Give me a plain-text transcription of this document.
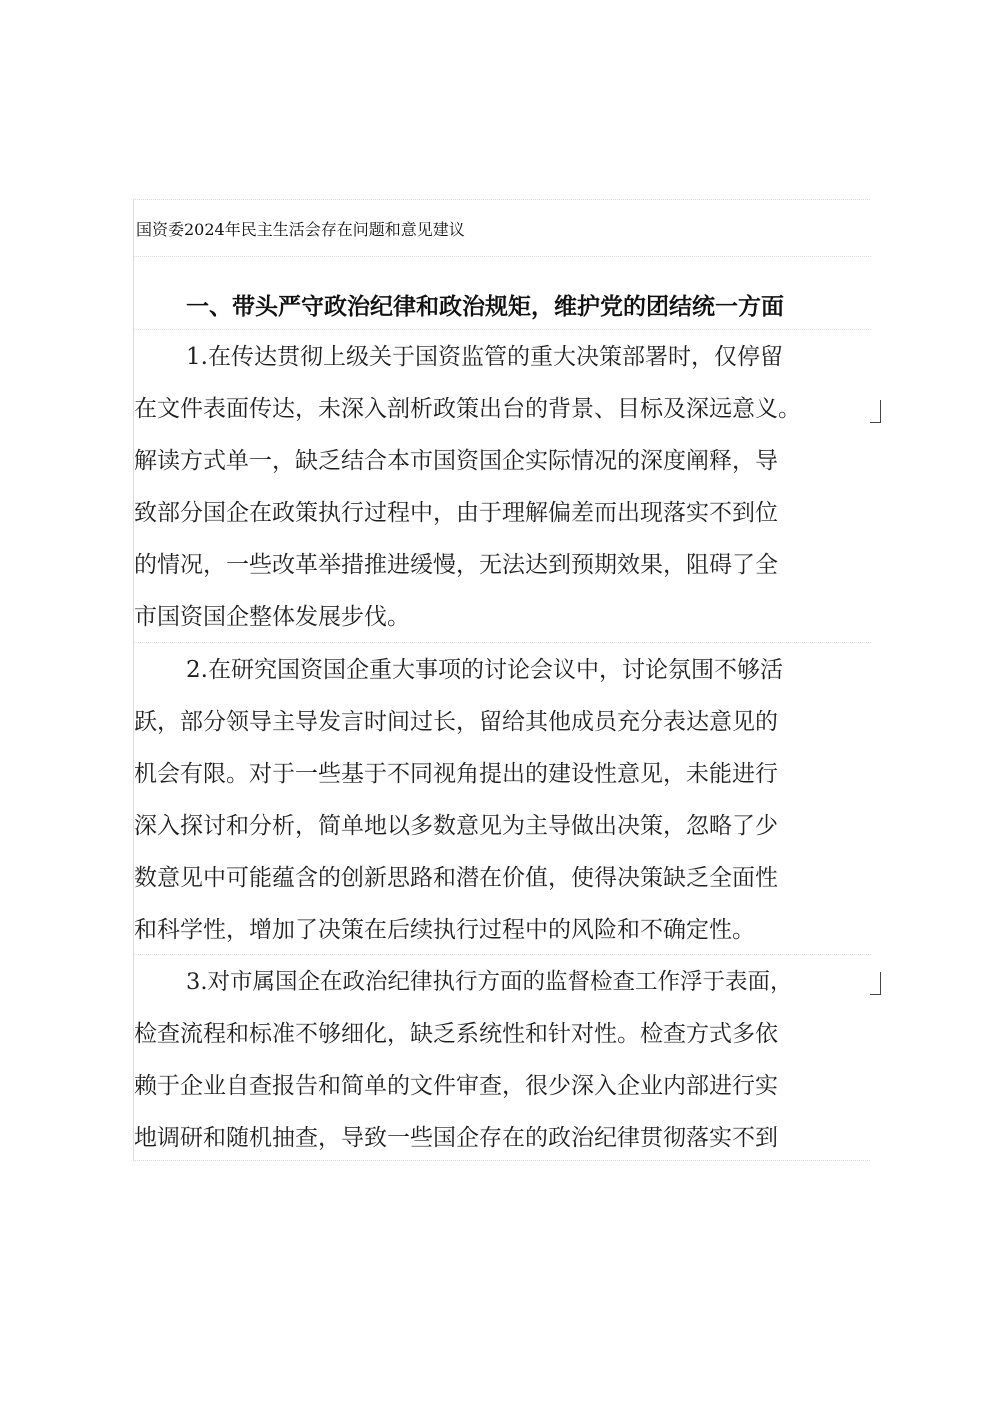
国资委2024年民主生活会存在问题和意见建议
一、带头严守政治纪律和政治规矩，维护党的团结统一方面
1.在传达贯彻上级关于国资监管的重大决策部署时，仅停留
在文件表面传达，未深入剖析政策出台的背景、目标及深远意义。
解读方式单一，缺乏结合本市国资国企实际情况的深度阐释，导
致部分国企在政策执行过程中，由于理解偏差而出现落实不到位
的情况，一些改革举措推进缓慢，无法达到预期效果，阻碍了全
市国资国企整体发展步伐。
2.在研究国资国企重大事项的讨论会议中，讨论氛围不够活
跃，部分领导主导发言时间过长，留给其他成员充分表达意见的
机会有限。对于一些基于不同视角提出的建设性意见，未能进行
深入探讨和分析，简单地以多数意见为主导做出决策，忽略了少
数意见中可能蕴含的创新思路和潜在价值，使得决策缺乏全面性
和科学性，增加了决策在后续执行过程中的风险和不确定性。
3.对市属国企在政治纪律执行方面的监督检查工作浮于表面，
检查流程和标准不够细化，缺乏系统性和针对性。检查方式多依
赖于企业自查报告和简单的文件审查，很少深入企业内部进行实
地调研和随机抽查，导致一些国企存在的政治纪律贯彻落实不到
